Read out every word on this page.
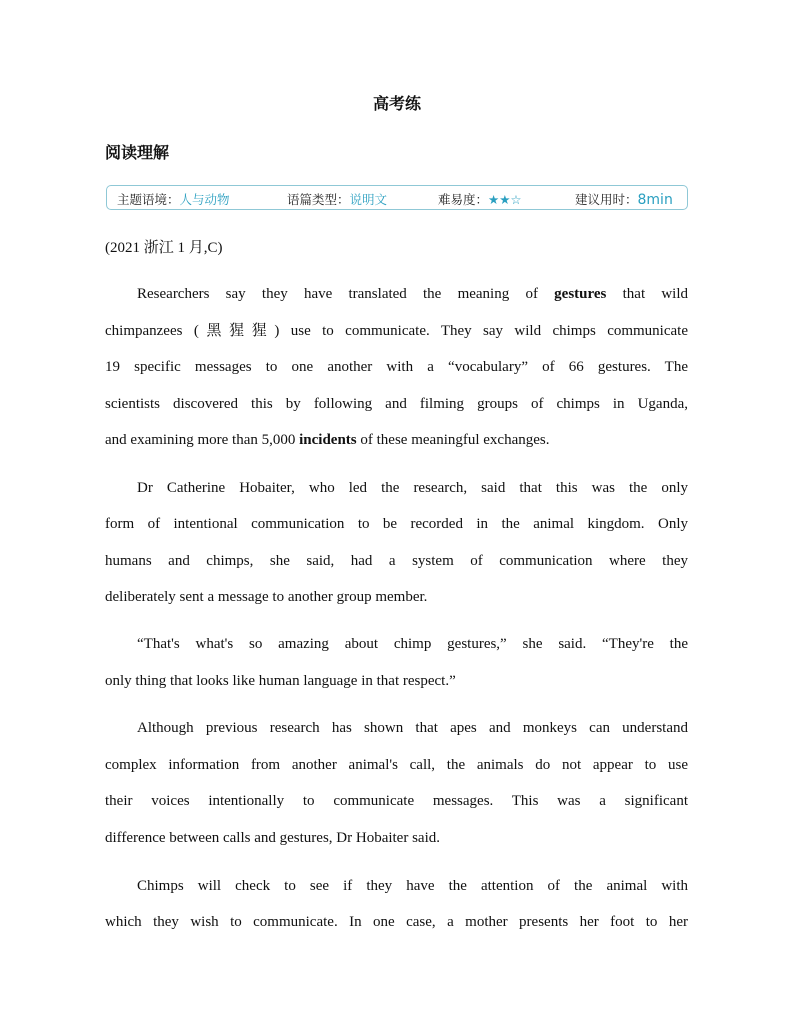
高考练
阅读理解
主题语境：人与动物	语篇类型：说明文	难易度：★★☆	建议用时：8min
(2021 浙江 1 月,C)
Researchers say they have translated the meaning of gestures that wild
chimpanzees (黑猩猩) use to communicate. They say wild chimps communicate
19 specific messages to one another with a “vocabulary” of 66 gestures. The
scientists discovered this by following and filming groups of chimps in Uganda,
and examining more than 5,000 incidents of these meaningful exchanges.
Dr Catherine Hobaiter, who led the research, said that this was the only
form of intentional communication to be recorded in the animal kingdom. Only
humans and chimps, she said, had a system of communication where they
deliberately sent a message to another group member.
“That's what's so amazing about chimp gestures,” she said. “They're the
only thing that looks like human language in that respect.”
Although previous research has shown that apes and monkeys can understand
complex information from another animal's call, the animals do not appear to use
their voices intentionally to communicate messages. This was a significant
difference between calls and gestures, Dr Hobaiter said.
Chimps will check to see if they have the attention of the animal with
which they wish to communicate. In one case, a mother presents her foot to her
